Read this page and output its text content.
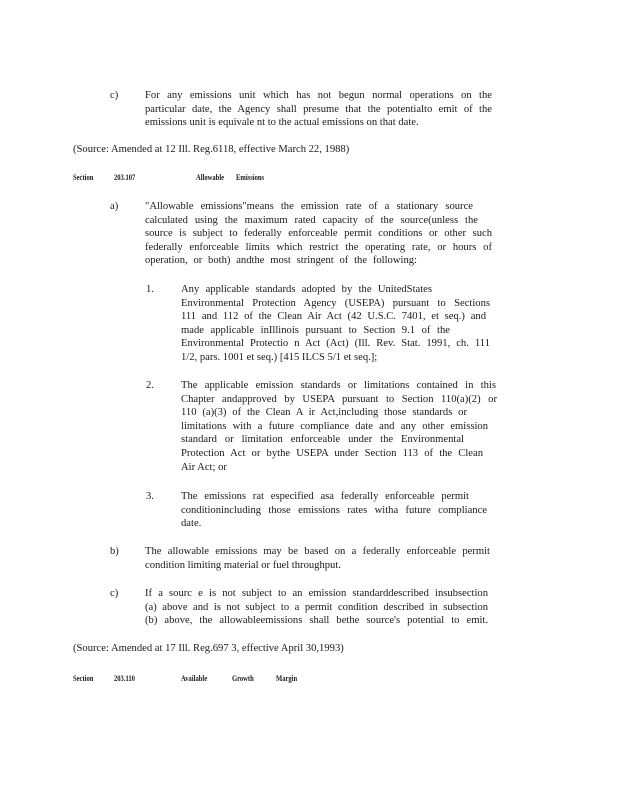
c)	For any emissions unit which has not begun normal operations on the
particular date, the Agency shall presume that the potentialto emit of the
emissions unit is equivale nt to the actual emissions on that date.
(Source: Amended at 12 Ill. Reg.6118, effective March 22, 1988)
Section	203.107	Allowable Emissions
a)	"Allowable emissions"means the emission rate of a stationary source
calculated using the maximum rated capacity of the source(unless the
source is subject to federally enforceable permit conditions or other such
federally enforceable limits which restrict the operating rate, or hours of
operation, or both) andthe most stringent of the following:
1.	Any applicable standards adopted by the UnitedStates
Environmental Protection Agency (USEPA) pursuant to Sections
111 and 112 of the Clean Air Act (42 U.S.C. 7401, et seq.) and
made applicable inIllinois pursuant to Section 9.1 of the
Environmental Protectio n Act (Act) (Ill. Rev. Stat. 1991, ch. 111
1/2, pars. 1001 et seq.) [415 ILCS 5/1 et seq.];
2.	The applicable emission standards or limitations contained in this
Chapter andapproved by USEPA pursuant to Section 110(a)(2) or
110 (a)(3) of the Clean A ir Act,including those standards or
limitations with a future compliance date and any other emission
standard or limitation enforceable under the Environmental
Protection Act or bythe USEPA under Section 113 of the Clean
Air Act; or
3.	The emissions rat especified asa federally enforceable permit
conditionincluding those emissions rates witha future compliance
date.
b) The allowable emissions may be based on a federally enforceable permit
condition limiting material or fuel throughput.
c)	If a sourc e is not subject to an emission standarddescribed insubsection
(a) above and is not subject to a permit condition described in subsection
(b) above, the allowableemissions shall bethe source's potential to emit.
(Source: Amended at 17 Ill. Reg.697 3, effective April 30,1993)
Section	203.110	Available	Growth	Margin
